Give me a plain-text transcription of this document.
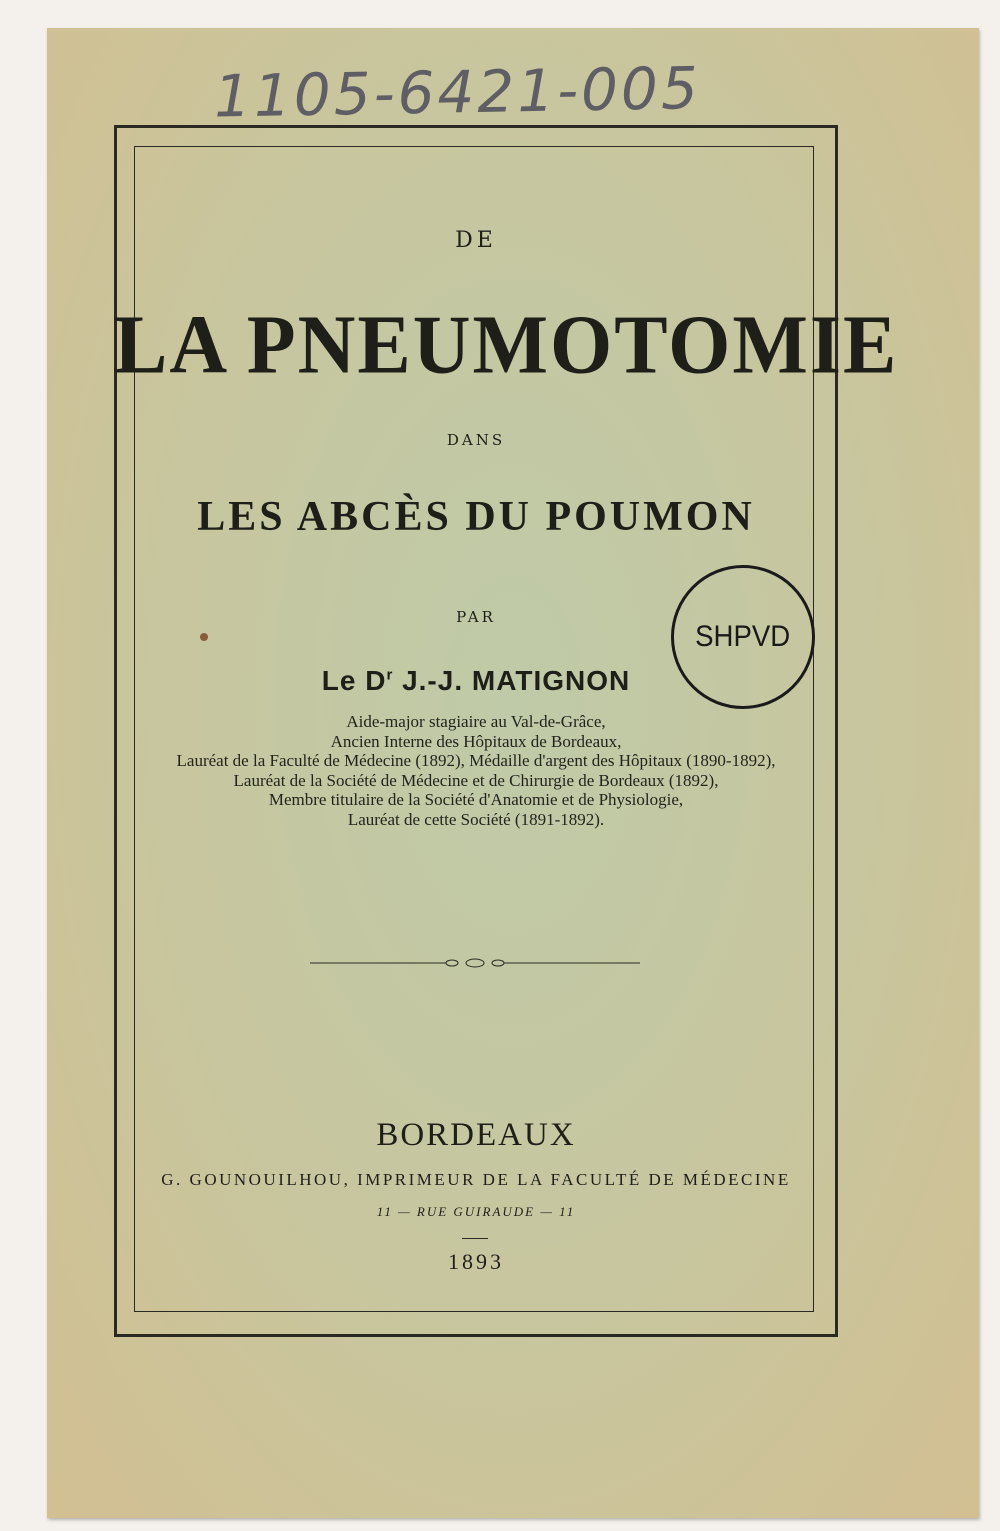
1105-6421-005
DE
LA PNEUMOTOMIE
DANS
LES ABCÈS DU POUMON
PAR
Le $D^r$ J.-J. MATIGNON
Aide-major stagiaire au Val-de-Grâce,
Ancien Interne des Hôpitaux de Bordeaux,
Lauréat de la Faculté de Médecine (1892), Médaille d'argent des Hôpitaux (1890-1892),
Lauréat de la Société de Médecine et de Chirurgie de Bordeaux (1892),
Membre titulaire de la Société d'Anatomie et de Physiologie,
Lauréat de cette Société (1891-1892).
BORDEAUX
G. GOUNOUILHOU, IMPRIMEUR DE LA FACULTÉ DE MÉDECINE
11 — RUE GUIRAUDE — 11
1893
SHPVD
